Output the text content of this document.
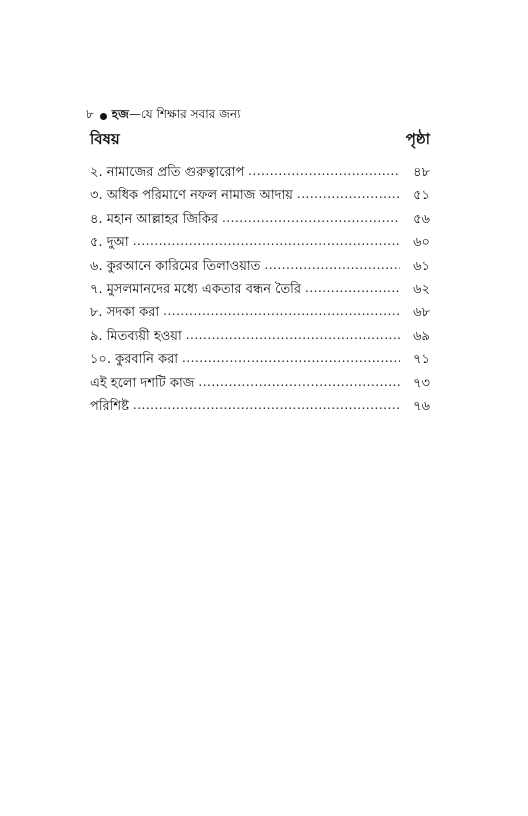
৮ হজ —যে শিক্ষার সবার জন্য
বিষয়	পৃষ্ঠা
২. নামাজের প্রতি গুরুত্বারোপ .....	৪৮
৩. অধিক পরিমাণে নফল নামাজ আদায় .....	৫১
৪. মহান আল্লাহর জিকির .....	৫৬
৫. দুআ .....	৬০
৬. কুরআনে কারিমের তিলাওয়াত .....	৬১
৭. মুসলমানদের মধ্যে একতার বন্ধন তৈরি .....	৬২
৮. সদকা করা .....	৬৮
৯. মিতব্যয়ী হওয়া .....	৬৯
১০. কুরবানি করা .....	৭১
এই হলো দশটি কাজ .....	৭৩
পরিশিষ্ট .....	৭৬
